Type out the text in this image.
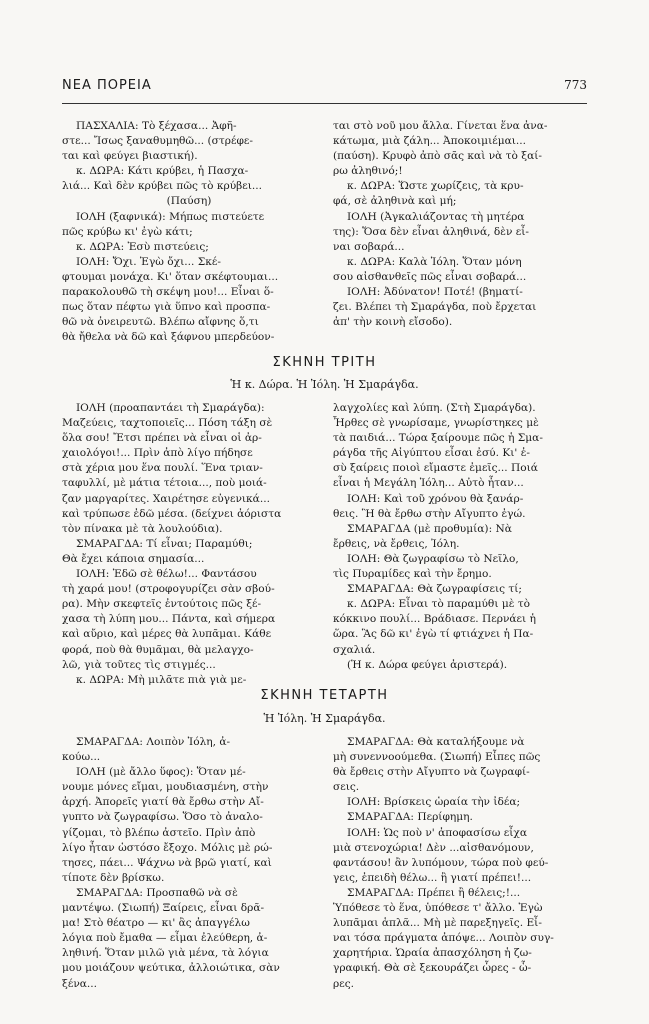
ΝΕΑ ΠΟΡΕΙΑ	773

ΠΑΣΧΑΛΙΑ: Τὸ ξέχασα... Ἀφῆ-

στε... Ἴσως ξαναθυμηθῶ... (στρέφε-

ται καὶ φεύγει βιαστική).

κ. ΔΩΡΑ: Κάτι κρύβει, ἡ Πασχα-

λιά... Καὶ δὲν κρύβει πῶς τὸ κρύβει...

(Παύση)

ΙΟΛΗ (ξαφνικά): Μήπως πιστεύετε

πῶς κρύβω κι' ἐγὼ κάτι;

κ. ΔΩΡΑ: Ἐσὺ πιστεύεις;

ΙΟΛΗ: Ὄχι. Ἐγὼ ὄχι... Σκέ-

φτουμαι μονάχα. Κι' ὅταν σκέφτουμαι...

παρακολουθῶ τὴ σκέψη μου!... Εἶναι ὅ-

πως ὅταν πέφτω γιὰ ὕπνο καὶ προσπα-

θῶ νὰ ὀνειρευτῶ. Βλέπω αἴφνης ὅ,τι

θὰ ἤθελα νὰ δῶ καὶ ξάφνου μπερδεύον-

ται στὸ νοῦ μου ἄλλα. Γίνεται ἕνα ἀνα-

κάτωμα, μιὰ ζάλη... Ἀποκοιμιέμαι...

(παύση). Κρυφὸ ἀπὸ σᾶς καὶ νὰ τὸ ξαί-

ρω ἀληθινό;!

κ. ΔΩΡΑ: Ὥστε χωρίζεις, τὰ κρυ-

φά, σὲ ἀληθινὰ καὶ μή;

ΙΟΛΗ (Ἀγκαλιάζοντας τὴ μητέρα

της): Ὅσα δὲν εἶναι ἀληθινά, δὲν εἶ-

ναι σοβαρά...

κ. ΔΩΡΑ: Καλὰ Ἰόλη. Ὅταν μόνη

σου αἰσθανθεῖς πῶς εἶναι σοβαρά...

ΙΟΛΗ: Ἀδύνατον! Ποτέ! (βηματί-

ζει. Βλέπει τὴ Σμαράγδα, ποὺ ἔρχεται

ἀπ' τὴν κοινὴ εἴσοδο).

ΣΚΗΝΗ ΤΡΙΤΗ
Ἡ κ. Δώρα. Ἡ Ἰόλη. Ἡ Σμαράγδα.

ΙΟΛΗ (προαπαντάει τὴ Σμαράγδα):

Μαζεύεις, ταχτοποιεῖς... Πόση τάξη σὲ

ὅλα σου! Ἔτσι πρέπει νὰ εἶναι οἱ ἀρ-

χαιολόγοι!... Πρὶν ἀπὸ λίγο πήδησε

στὰ χέρια μου ἕνα πουλί. Ἕνα τριαν-

ταφυλλί, μὲ μάτια τέτοια..., ποὺ μοιά-

ζαν μαργαρίτες. Χαιρέτησε εὐγενικά...

καὶ τρύπωσε ἐδῶ μέσα. (δείχνει ἀόριστα

τὸν πίνακα μὲ τὰ λουλούδια).

ΣΜΑΡΑΓΔΑ: Τί εἶναι; Παραμύθι;

Θὰ ἔχει κάποια σημασία...

ΙΟΛΗ: Ἐδῶ σὲ θέλω!... Φαντάσου

τὴ χαρά μου! (στροφογυρίζει σὰν σβού-

ρα). Μὴν σκεφτεῖς ἐντούτοις πῶς ξέ-

χασα τὴ λύπη μου... Πάντα, καὶ σήμερα

καὶ αὔριο, καὶ μέρες θὰ λυπᾶμαι. Κάθε

φορά, ποὺ θὰ θυμᾶμαι, θὰ μελαγχο-

λῶ, γιὰ τοῦτες τὶς στιγμές...

κ. ΔΩΡΑ: Μὴ μιλᾶτε πιὰ γιὰ με-

λαγχολίες καὶ λύπη. (Στὴ Σμαράγδα).

Ἦρθες σὲ γνωρίσαμε, γνωρίστηκες μὲ

τὰ παιδιά... Τώρα ξαίρουμε πῶς ἡ Σμα-

ράγδα τῆς Αἰγύπτου εἶσαι ἐσύ. Κι' ἐ-

σὺ ξαίρεις ποιοὶ εἴμαστε ἐμεῖς... Ποιά

εἶναι ἡ Μεγάλη Ἰόλη... Αὐτὸ ἦταν...

ΙΟΛΗ: Καὶ τοῦ χρόνου θὰ ξανάρ-

θεις. Ἢ θὰ ἔρθω στὴν Αἴγυπτο ἐγώ.

ΣΜΑΡΑΓΔΑ (μὲ προθυμία): Νὰ

ἔρθεις, νὰ ἔρθεις, Ἰόλη.

ΙΟΛΗ: Θὰ ζωγραφίσω τὸ Νεῖλο,

τὶς Πυραμίδες καὶ τὴν ἔρημο.

ΣΜΑΡΑΓΔΑ: Θὰ ζωγραφίσεις τί;

κ. ΔΩΡΑ: Εἶναι τὸ παραμύθι μὲ τὸ

κόκκινο πουλί... Βράδιασε. Περνάει ἡ

ὥρα. Ἂς δῶ κι' ἐγὼ τί φτιάχνει ἡ Πα-

σχαλιά.

(Ἡ κ. Δώρα φεύγει ἀριστερά).

ΣΚΗΝΗ ΤΕΤΑΡΤΗ
Ἡ Ἰόλη. Ἡ Σμαράγδα.

ΣΜΑΡΑΓΔΑ: Λοιπὸν Ἰόλη, ἀ-

κούω...

ΙΟΛΗ (μὲ ἄλλο ὕφος): Ὅταν μέ-

νουμε μόνες εἴμαι, μουδιασμένη, στὴν

ἀρχή. Ἀπορεῖς γιατί θὰ ἔρθω στὴν Αἴ-

γυπτο νὰ ζωγραφίσω. Ὅσο τὸ ἀναλο-

γίζομαι, τὸ βλέπω ἀστεῖο. Πρὶν ἀπὸ

λίγο ἦταν ὡστόσο ἔξοχο. Μόλις μὲ ρώ-

τησες, πάει... Ψάχνω νὰ βρῶ γιατί, καὶ

τίποτε δὲν βρίσκω.

ΣΜΑΡΑΓΔΑ: Προσπαθῶ νὰ σὲ

μαντέψω. (Σιωπή) Ξαίρεις, εἶναι δρᾶ-

μα! Στὸ θέατρο — κι' ἂς ἀπαγγέλω

λόγια ποὺ ἔμαθα — εἶμαι ἐλεύθερη, ἀ-

ληθινή. Ὅταν μιλῶ γιὰ μένα, τὰ λόγια

μου μοιάζουν ψεύτικα, ἀλλοιώτικα, σὰν

ξένα...

ΣΜΑΡΑΓΔΑ: Θὰ καταλήξουμε νὰ

μὴ συνεννοούμεθα. (Σιωπή) Εἶπες πῶς

θὰ ἔρθεις στὴν Αἴγυπτο νὰ ζωγραφί-

σεις.

ΙΟΛΗ: Βρίσκεις ὡραία τὴν ἰδέα;

ΣΜΑΡΑΓΔΑ: Περίφημη.

ΙΟΛΗ: Ὡς ποὺ ν' ἀποφασίσω εἶχα

μιὰ στενοχώρια! Δὲν ...αἰσθανόμουν,

φαντάσου! ἂν λυπόμουν, τώρα ποὺ φεύ-

γεις, ἐπειδὴ θέλω... ἢ γιατί πρέπει!...

ΣΜΑΡΑΓΔΑ: Πρέπει ἢ θέλεις;!...

Ὑπόθεσε τὸ ἕνα, ὑπόθεσε τ' ἄλλο. Ἐγὼ

λυπᾶμαι ἁπλᾶ... Μὴ μὲ παρεξηγεῖς. Εἶ-

ναι τόσα πράγματα ἀπόψε... Λοιπὸν συγ-

χαρητήρια. Ὡραία ἀπασχόληση ἡ ζω-

γραφική. Θὰ σὲ ξεκουράζει ὧρες - ὧ-

ρες.
